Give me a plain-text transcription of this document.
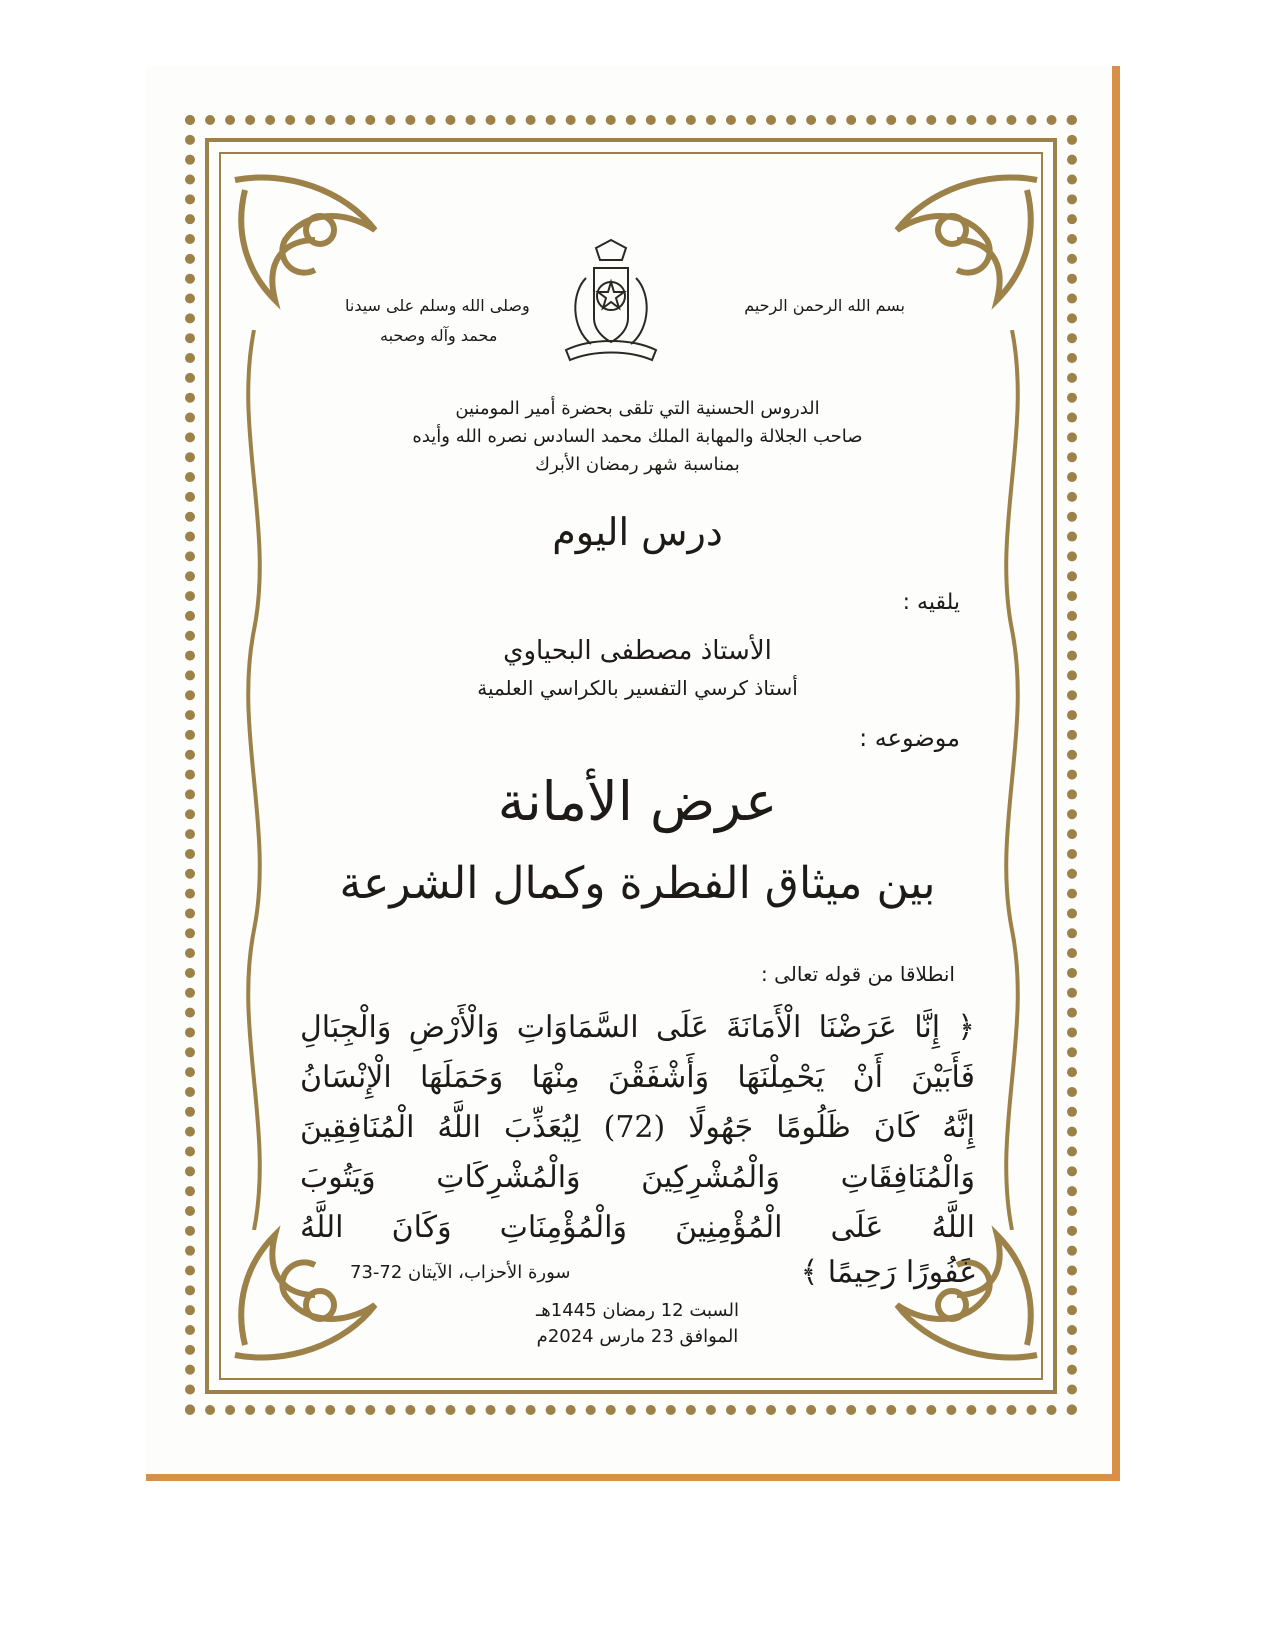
بسم الله الرحمن الرحيم
وصلى الله وسلم على سيدنا
محمد وآله وصحبه
الدروس الحسنية التي تلقى بحضرة أمير المومنين
صاحب الجلالة والمهابة الملك محمد السادس نصره الله وأيده
بمناسبة شهر رمضان الأبرك
درس اليوم
يلقيه :
الأستاذ مصطفى البحياوي
أستاذ كرسي التفسير بالكراسي العلمية
موضوعه :
عرض الأمانة
بين ميثاق الفطرة وكمال الشرعة
انطلاقا من قوله تعالى :
﴿ إِنَّا عَرَضْنَا الْأَمَانَةَ عَلَى السَّمَاوَاتِ وَالْأَرْضِ وَالْجِبَالِ
فَأَبَيْنَ أَنْ يَحْمِلْنَهَا وَأَشْفَقْنَ مِنْهَا وَحَمَلَهَا الْإِنْسَانُ
إِنَّهُ كَانَ ظَلُومًا جَهُولًا (72) لِيُعَذِّبَ اللَّهُ الْمُنَافِقِينَ
وَالْمُنَافِقَاتِ وَالْمُشْرِكِينَ وَالْمُشْرِكَاتِ وَيَتُوبَ
اللَّهُ عَلَى الْمُؤْمِنِينَ وَالْمُؤْمِنَاتِ وَكَانَ اللَّهُ
غَفُورًا رَحِيمًا ﴾
سورة الأحزاب، الآيتان 72-73
السبت 12 رمضان 1445هـ
الموافق 23 مارس 2024م
